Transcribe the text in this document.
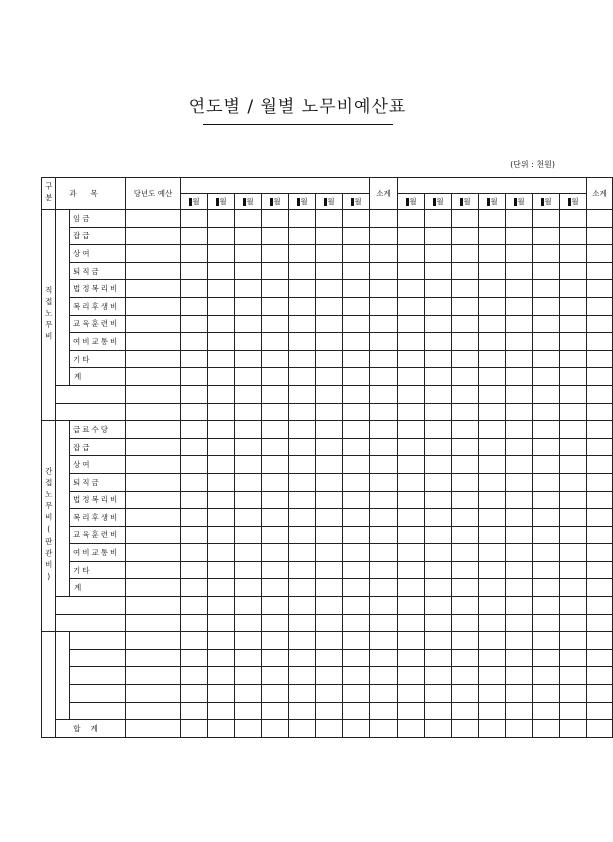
연도별 / 월별 노무비예산표
(단위 : 천원)
구분	과목		당년도 예산								소계								소계
				월	월	월	월	월	월	월		월	월	월	월	월	월	월	
직접노무비		임금																	
		잡급																	
		상여																	
		퇴직금																	
		법정복리비																	
		복리후생비																	
		교육훈련비																	
		여비교통비																	
		기타																	
		계																	

간접노무비(판관비)		급료수당																	
		잡급																	
		상여																	
		퇴직금																	
		법정복리비																	
		복리후생비																	
		교육훈련비																	
		여비교통비																	
		기타																	
		계																	

	합계																		
